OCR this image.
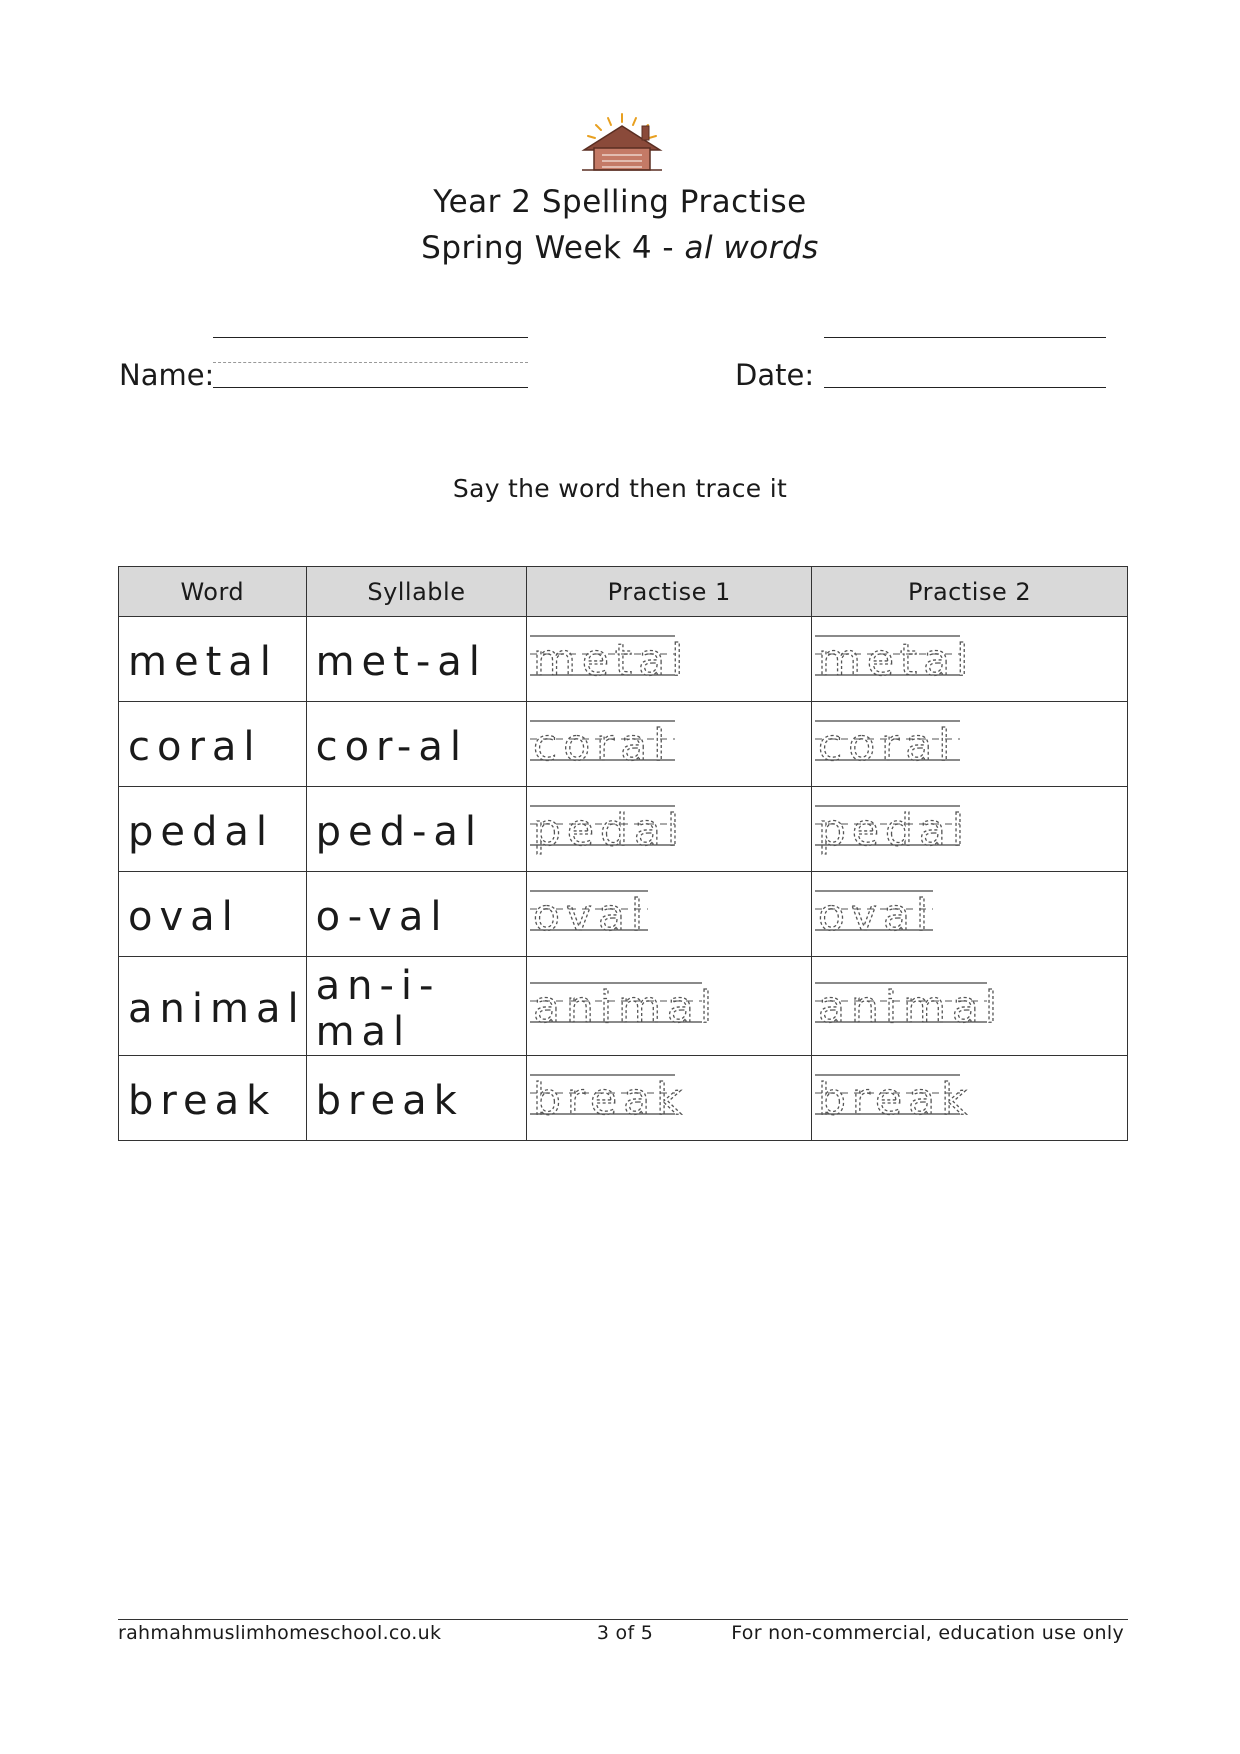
Year 2 Spelling Practise
Spring Week 4 - al words
Name:	Date:
Say the word then trace it
Word	Syllable	Practise 1	Practise 2
metal	met-al	metal	metal

coral	cor-al	coral	coral

pedal	ped-al	pedal	pedal

oval	o-val	oval	oval

animal	an-i-mal	animal	animal

break	break	break	break
rahmahmuslimhomeschool.co.uk	3 of 5	For non-commercial, education use only
